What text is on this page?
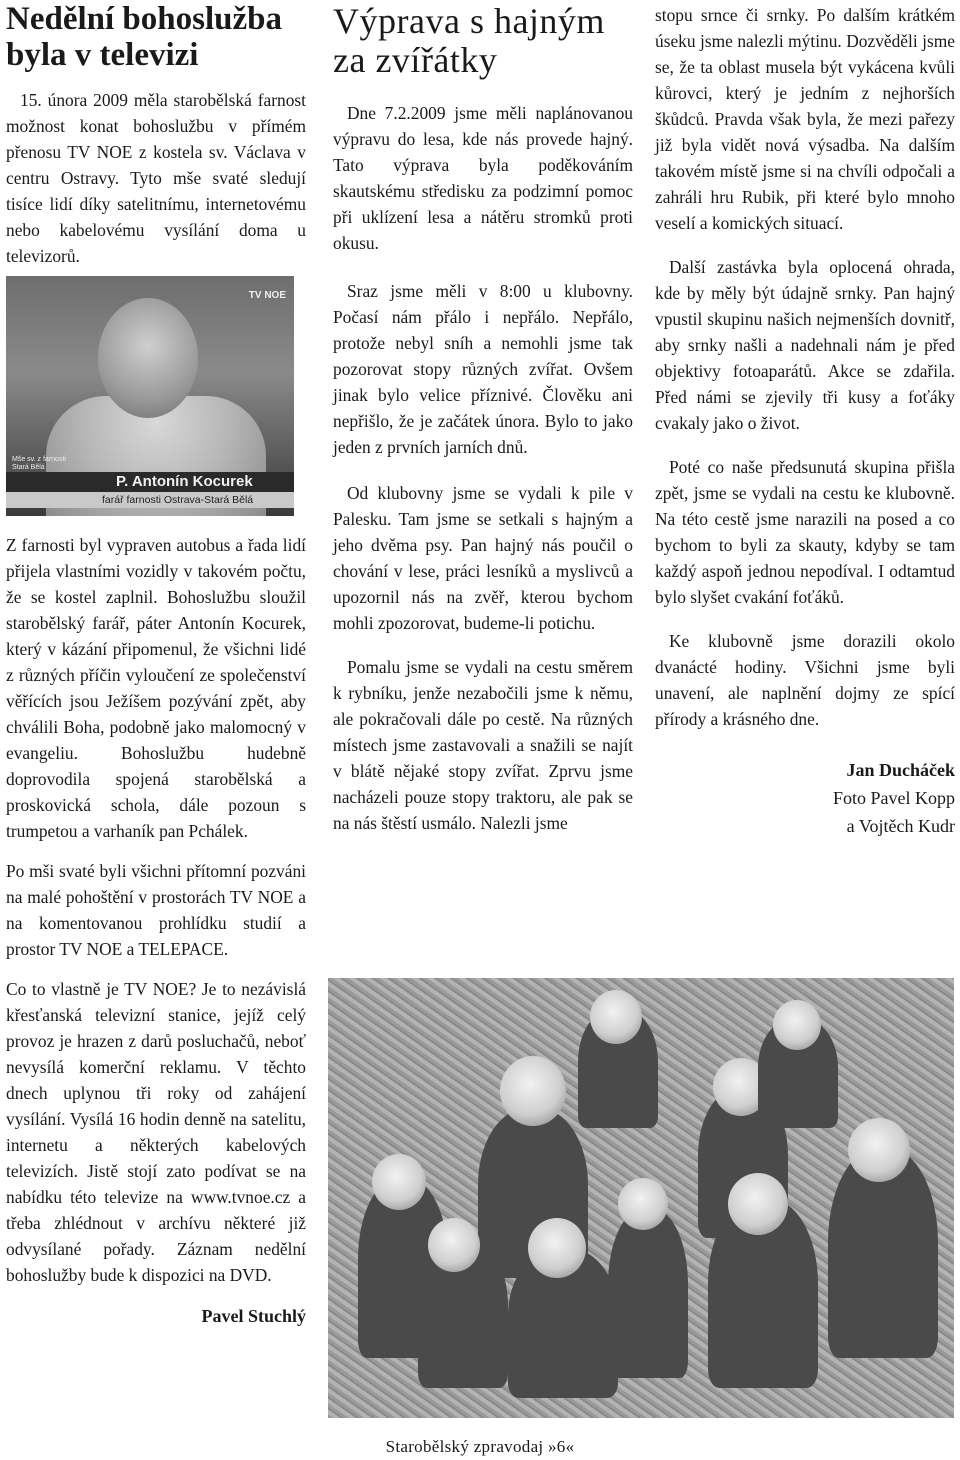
Nedělní bohoslužba byla v televizi

15. února 2009 měla starobělská farnost možnost konat bohoslužbu v přímém přenosu TV NOE z kostela sv. Václava v centru Ostravy. Tyto mše svaté sledují tisíce lidí díky satelitnímu, internetovému nebo kabelovému vysílání doma u televizorů.

TV NOE
Mše sv. z farnosti Stará Bělá
P. Antonín Kocurek
farář farnosti Ostrava-Stará Bělá

Z farnosti byl vypraven autobus a řada lidí přijela vlastními vozidly v takovém počtu, že se kostel zaplnil. Bohoslužbu sloužil starobělský farář, páter Antonín Kocurek, který v kázání připomenul, že všichni lidé z různých příčin vyloučení ze společenství věřících jsou Ježíšem pozývání zpět, aby chválili Boha, podobně jako malomocný v evangeliu. Bohoslužbu hudebně doprovodila spojená starobělská a proskovická schola, dále pozoun s trumpetou a varhaník pan Pchálek.

Po mši svaté byli všichni přítomní pozváni na malé pohoštění v prostorách TV NOE a na komentovanou prohlídku studií a prostor TV NOE a TELEPACE.

Co to vlastně je TV NOE? Je to nezávislá křesťanská televizní stanice, jejíž celý provoz je hrazen z darů posluchačů, neboť nevysílá komerční reklamu. V těchto dnech uplynou tři roky od zahájení vysílání. Vysílá 16 hodin denně na satelitu, internetu a některých kabelových televizích. Jistě stojí zato podívat se na nabídku této televize na www.tvnoe.cz a třeba zhlédnout v archívu některé již odvysílané pořady. Záznam nedělní bohoslužby bude k dispozici na DVD.

Pavel Stuchlý
Výprava s hajným za zvířátky

Dne 7.2.2009 jsme měli naplánovanou výpravu do lesa, kde nás provede hajný. Tato výprava byla poděkováním skautskému středisku za podzimní pomoc při uklízení lesa a nátěru stromků proti okusu.

Sraz jsme měli v 8:00 u klubovny. Počasí nám přálo i nepřálo. Nepřálo, protože nebyl sníh a nemohli jsme tak pozorovat stopy různých zvířat. Ovšem jinak bylo velice příznivé. Člověku ani nepřišlo, že je začátek února. Bylo to jako jeden z prvních jarních dnů.

Od klubovny jsme se vydali k pile v Palesku. Tam jsme se setkali s hajným a jeho dvěma psy. Pan hajný nás poučil o chování v lese, práci lesníků a myslivců a upozornil nás na zvěř, kterou bychom mohli zpozorovat, budeme-li potichu.

Pomalu jsme se vydali na cestu směrem k rybníku, jenže nezabočili jsme k němu, ale pokračovali dále po cestě. Na různých místech jsme zastavovali a snažili se najít v blátě nějaké stopy zvířat. Zprvu jsme nacházeli pouze stopy traktoru, ale pak se na nás štěstí usmálo. Nalezli jsme

stopu srnce či srnky. Po dalším krátkém úseku jsme nalezli mýtinu. Dozvěděli jsme se, že ta oblast musela být vykácena kvůli kůrovci, který je jedním z nejhorších škůdců. Pravda však byla, že mezi pařezy již byla vidět nová výsadba. Na dalším takovém místě jsme si na chvíli odpočali a zahráli hru Rubik, při které bylo mnoho veselí a komických situací.

Další zastávka byla oplocená ohrada, kde by měly být údajně srnky. Pan hajný vpustil skupinu našich nejmenších dovnitř, aby srnky našli a nadehnali nám je před objektivy fotoaparátů. Akce se zdařila. Před námi se zjevily tři kusy a foťáky cvakaly jako o život.

Poté co naše předsunutá skupina přišla zpět, jsme se vydali na cestu ke klubovně. Na této cestě jsme narazili na posed a co bychom to byli za skauty, kdyby se tam každý aspoň jednou nepodíval. I odtamtud bylo slyšet cvakání foťáků.

Ke klubovně jsme dorazili okolo dvanácté hodiny. Všichni jsme byli unavení, ale naplnění dojmy ze spící přírody a krásného dne.

Jan Ducháček
Foto Pavel Kopp
a Vojtěch Kudr
Starobělský zpravodaj »6«
